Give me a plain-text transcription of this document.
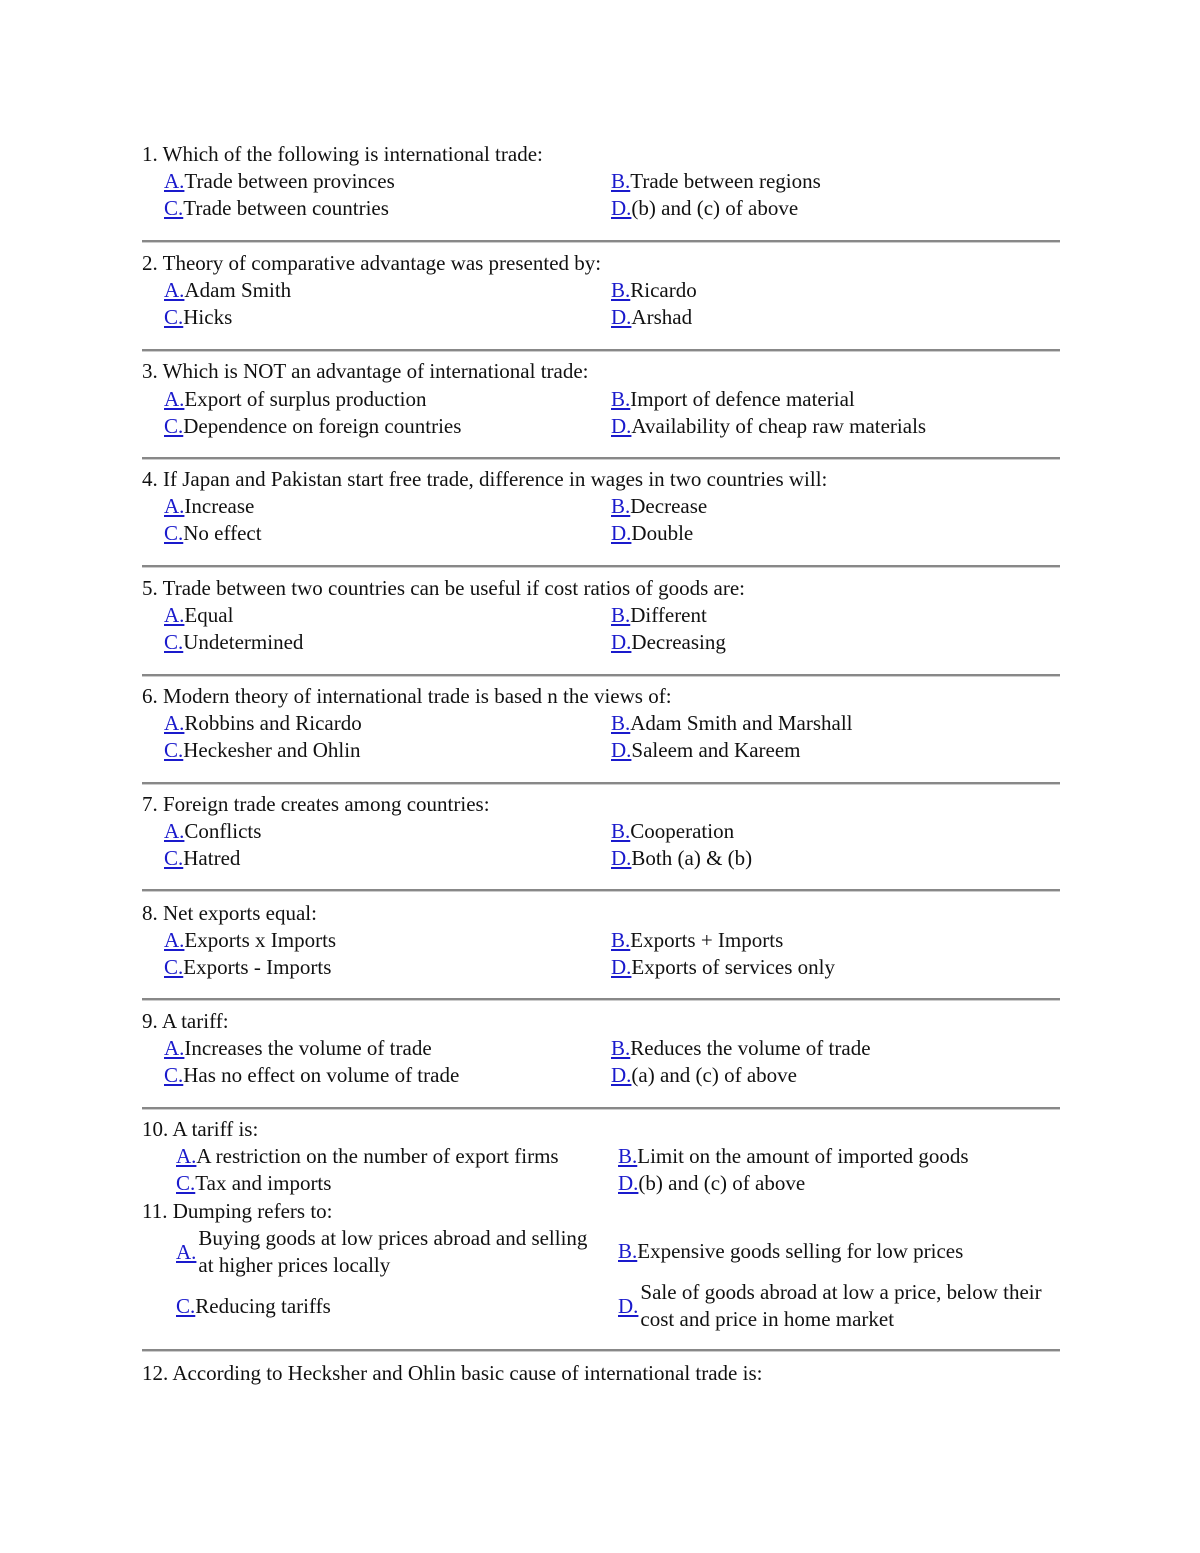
1. Which of the following is international trade:
A.Trade between provinces	B.Trade between regions
C.Trade between countries	D.(b) and (c) of above
2. Theory of comparative advantage was presented by:
A.Adam Smith	B.Ricardo
C.Hicks	D.Arshad
3. Which is NOT an advantage of international trade:
A.Export of surplus production	B.Import of defence material
C.Dependence on foreign countries	D.Availability of cheap raw materials
4. If Japan and Pakistan start free trade, difference in wages in two countries will:
A.Increase	B.Decrease
C.No effect	D.Double
5. Trade between two countries can be useful if cost ratios of goods are:
A.Equal	B.Different
C.Undetermined	D.Decreasing
6. Modern theory of international trade is based n the views of:
A.Robbins and Ricardo	B.Adam Smith and Marshall
C.Heckesher and Ohlin	D.Saleem and Kareem
7. Foreign trade creates among countries:
A.Conflicts	B.Cooperation
C.Hatred	D.Both (a) & (b)
8. Net exports equal:
A.Exports x Imports	B.Exports + Imports
C.Exports - Imports	D.Exports of services only
9. A tariff:
A.Increases the volume of trade	B.Reduces the volume of trade
C.Has no effect on volume of trade	D.(a) and (c) of above
10. A tariff is:
A.A restriction on the number of export firms	B.Limit on the amount of imported goods
C.Tax and imports	D.(b) and (c) of above
11. Dumping refers to:
A.
Buying goods at low prices abroad and selling at higher prices locally
B.Expensive goods selling for low prices
C.Reducing tariffs	D.
Sale of goods abroad at low a price, below their cost and price in home market
12. According to Hecksher and Ohlin basic cause of international trade is:
